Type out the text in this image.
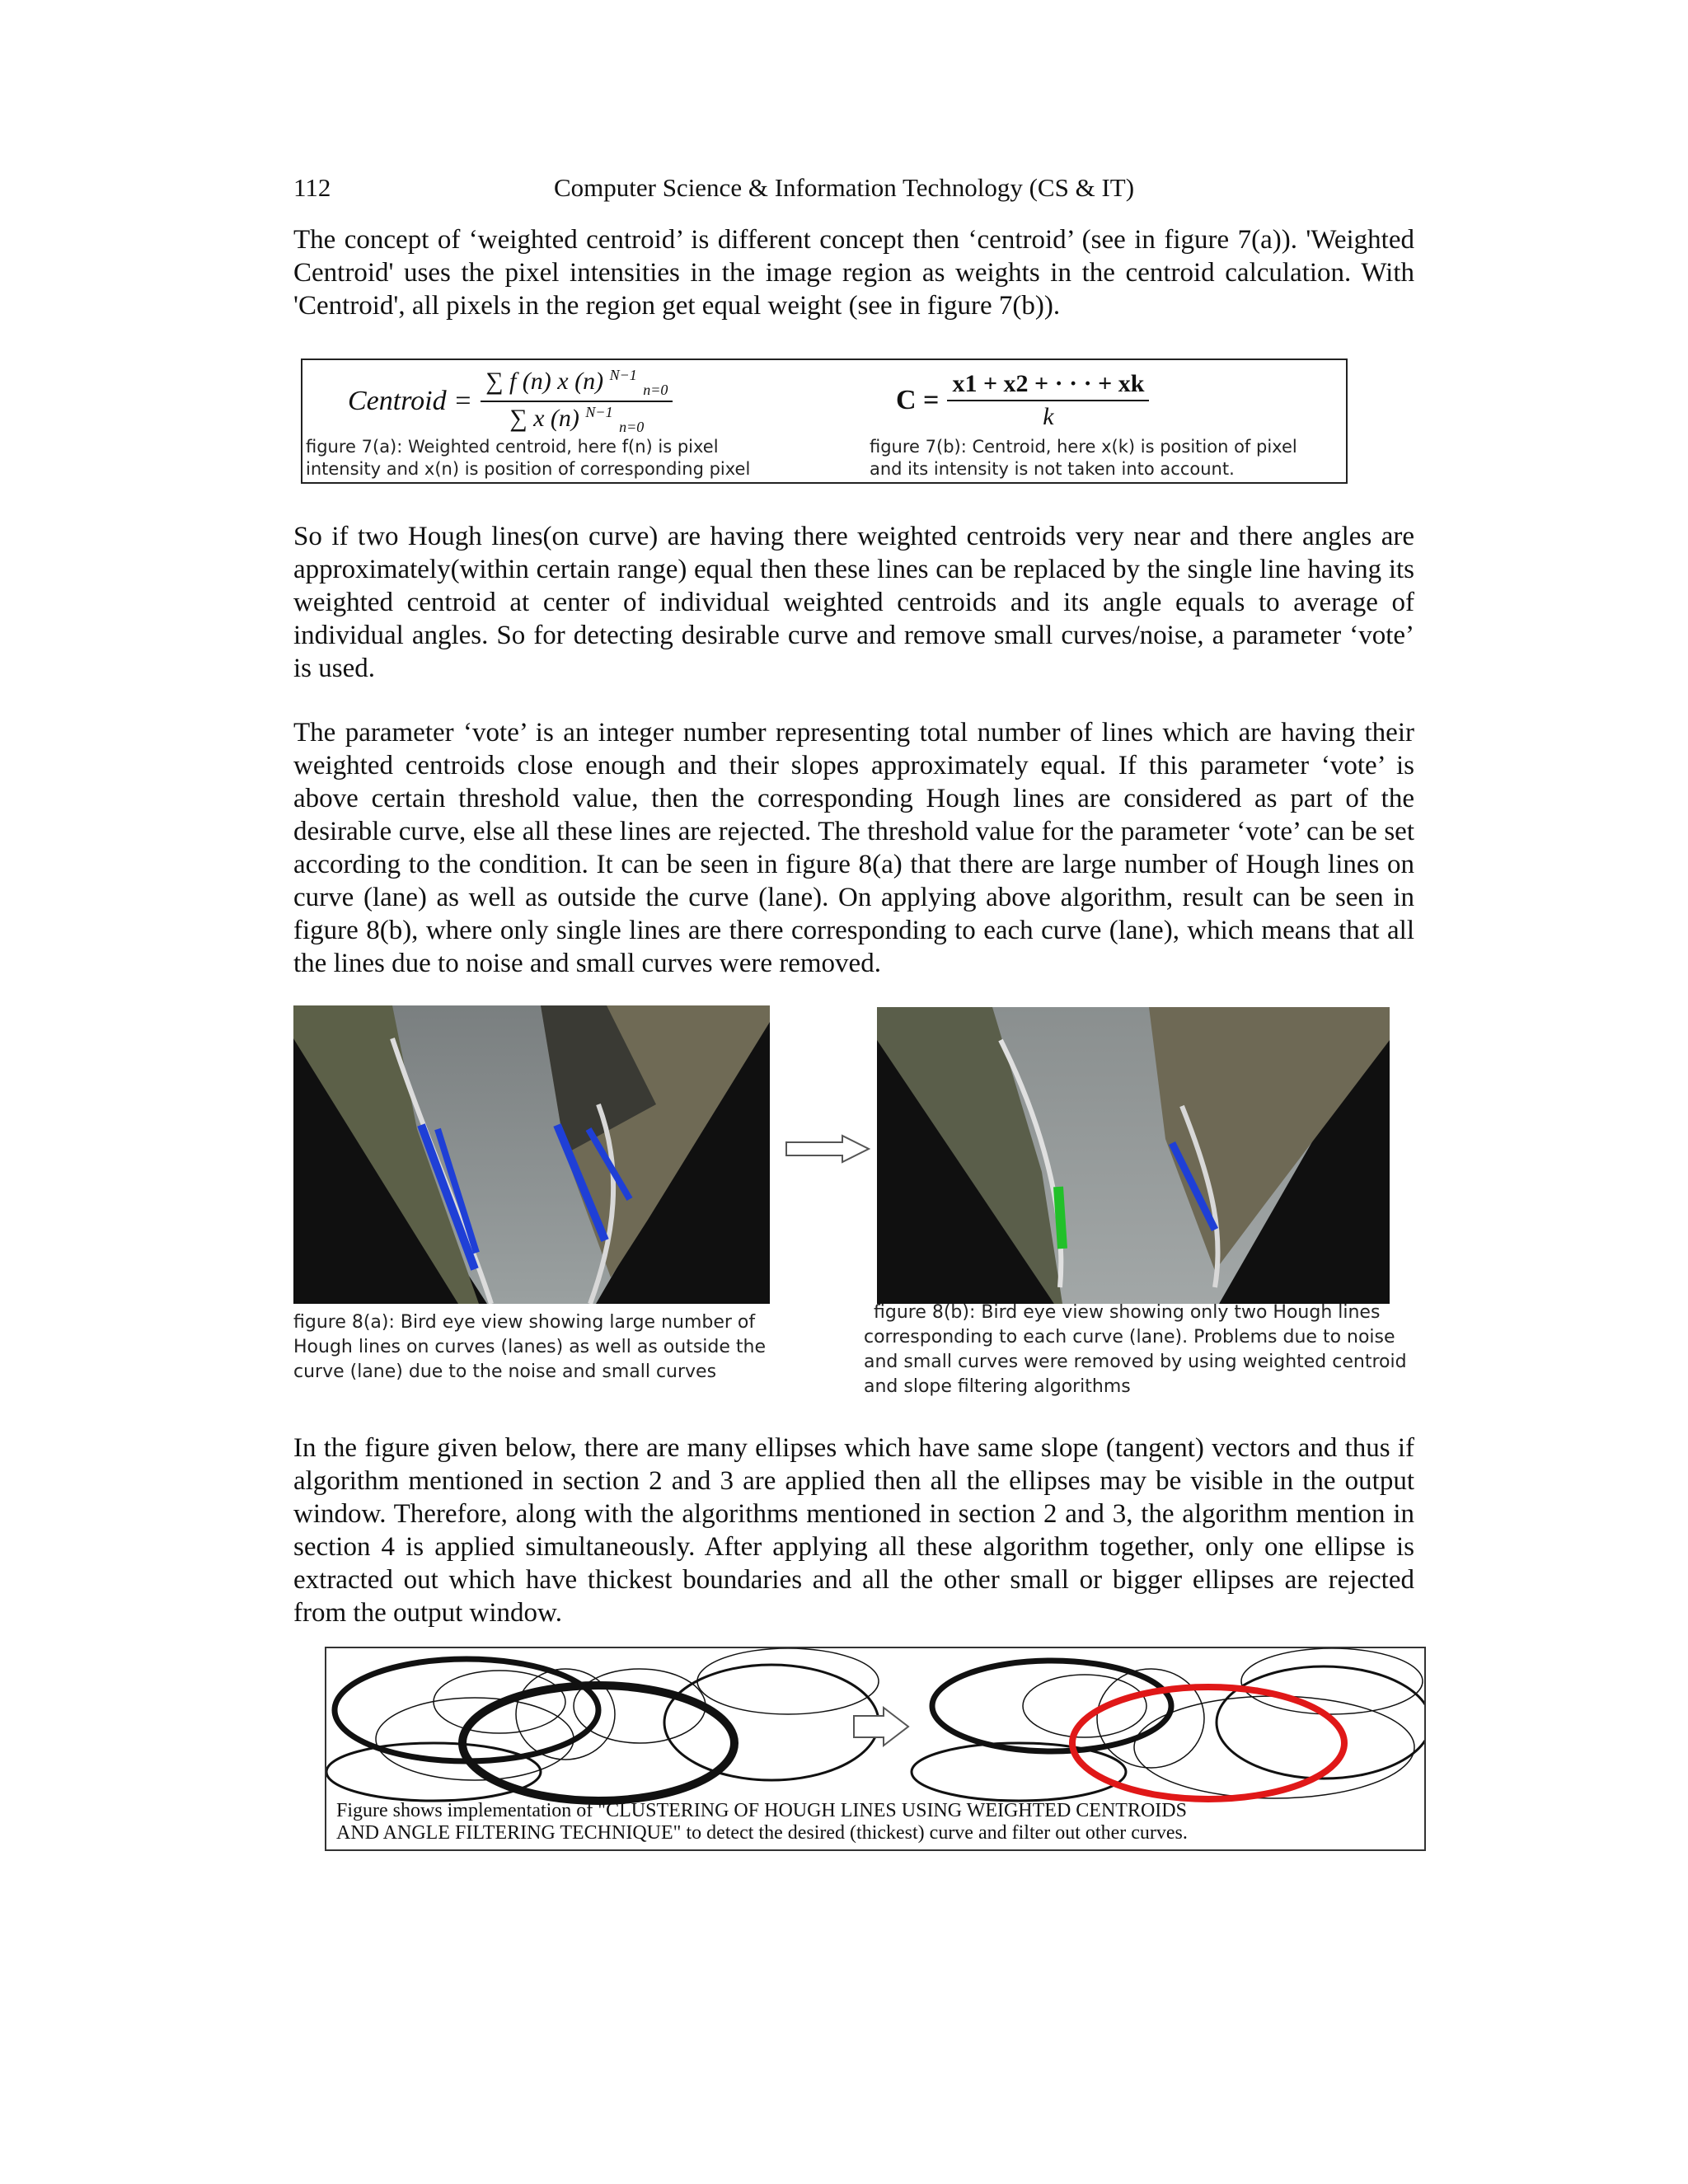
112	Computer Science & Information Technology (CS & IT)

The concept of ‘weighted centroid’ is different concept then ‘centroid’ (see in figure 7(a)). 'Weighted Centroid' uses the pixel intensities in the image region as weights in the centroid calculation. With 'Centroid', all pixels in the region get equal weight (see in figure 7(b)).

Centroid = $\frac{\sum f (n) x (n) ^{N-1} _{n=0}}{\sum x (n) ^{N-1} _{n=0}}$	$C = \frac{x1 + x2 + \cdot \cdot \cdot + xk}{k}$
figure 7(a): Weighted centroid, here f(n) is pixel
intensity and x(n) is position of corresponding pixel
figure 7(b): Centroid, here x(k) is position of pixel
and its intensity is not taken into account.

So if two Hough lines(on curve) are having there weighted centroids very near and there angles are approximately(within certain range) equal then these lines can be replaced by the single line having its weighted centroid at center of individual weighted centroids and its angle equals to average of individual angles. So for detecting desirable curve and remove small curves/noise, a parameter ‘vote’ is used.

The parameter ‘vote’ is an integer number representing total number of lines which are having their weighted centroids close enough and their slopes approximately equal. If this parameter ‘vote’ is above certain threshold value, then the corresponding Hough lines are considered as part of the desirable curve, else all these lines are rejected. The threshold value for the parameter ‘vote’ can be set according to the condition. It can be seen in figure 8(a) that there are large number of Hough lines on curve (lane) as well as outside the curve (lane). On applying above algorithm, result can be seen in figure 8(b), where only single lines are there corresponding to each curve (lane), which means that all the lines due to noise and small curves were removed.

figure 8(a): Bird eye view showing large number of
Hough lines on curves (lanes) as well as outside the
curve (lane) due to the noise and small curves
figure 8(b): Bird eye view showing only two Hough lines
corresponding to each curve (lane). Problems due to noise
and small curves were removed by using weighted centroid
and slope filtering algorithms

In the figure given below, there are many ellipses which have same slope (tangent) vectors and thus if algorithm mentioned in section 2 and 3 are applied then all the ellipses may be visible in the output window. Therefore, along with the algorithms mentioned in section 2 and 3, the algorithm mention in section 4 is applied simultaneously. After applying all these algorithm together, only one ellipse is extracted out which have thickest boundaries and all the other small or bigger ellipses are rejected from the output window.

Figure shows implementation of "CLUSTERING OF HOUGH LINES USING WEIGHTED CENTROIDS
AND ANGLE FILTERING TECHNIQUE" to detect the desired (thickest) curve and filter out other curves.
